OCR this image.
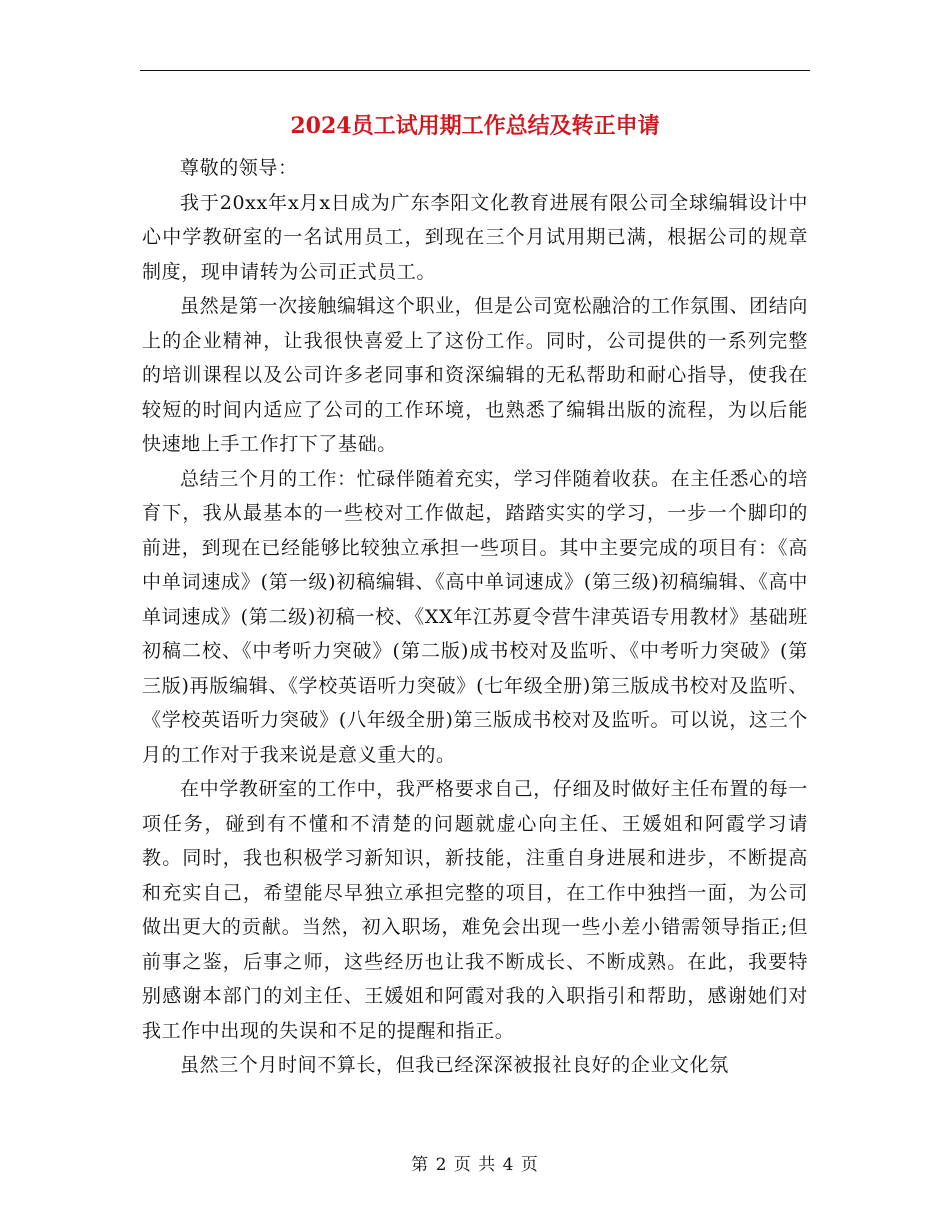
2024员工试用期工作总结及转正申请

尊敬的领导：

我于20xx年x月x日成为广东李阳文化教育进展有限公司全球编辑设计中心中学教研室的一名试用员工，到现在三个月试用期已满，根据公司的规章制度，现申请转为公司正式员工。

虽然是第一次接触编辑这个职业，但是公司宽松融洽的工作氛围、团结向上的企业精神，让我很快喜爱上了这份工作。同时，公司提供的一系列完整的培训课程以及公司许多老同事和资深编辑的无私帮助和耐心指导，使我在较短的时间内适应了公司的工作环境，也熟悉了编辑出版的流程，为以后能快速地上手工作打下了基础。

总结三个月的工作：忙碌伴随着充实，学习伴随着收获。在主任悉心的培育下，我从最基本的一些校对工作做起，踏踏实实的学习，一步一个脚印的前进，到现在已经能够比较独立承担一些项目。其中主要完成的项目有：《高中单词速成》(第一级)初稿编辑、《高中单词速成》(第三级)初稿编辑、《高中单词速成》(第二级)初稿一校、《XX年江苏夏令营牛津英语专用教材》基础班初稿二校、《中考听力突破》(第二版)成书校对及监听、《中考听力突破》(第三版)再版编辑、《学校英语听力突破》(七年级全册)第三版成书校对及监听、《学校英语听力突破》(八年级全册)第三版成书校对及监听。可以说，这三个月的工作对于我来说是意义重大的。

在中学教研室的工作中，我严格要求自己，仔细及时做好主任布置的每一项任务，碰到有不懂和不清楚的问题就虚心向主任、王媛姐和阿霞学习请教。同时，我也积极学习新知识，新技能，注重自身进展和进步，不断提高和充实自己，希望能尽早独立承担完整的项目，在工作中独挡一面，为公司做出更大的贡献。当然，初入职场，难免会出现一些小差小错需领导指正;但前事之鉴，后事之师，这些经历也让我不断成长、不断成熟。在此，我要特别感谢本部门的刘主任、王媛姐和阿霞对我的入职指引和帮助，感谢她们对我工作中出现的失误和不足的提醒和指正。

虽然三个月时间不算长，但我已经深深被报社良好的企业文化氛

第 2 页 共 4 页
